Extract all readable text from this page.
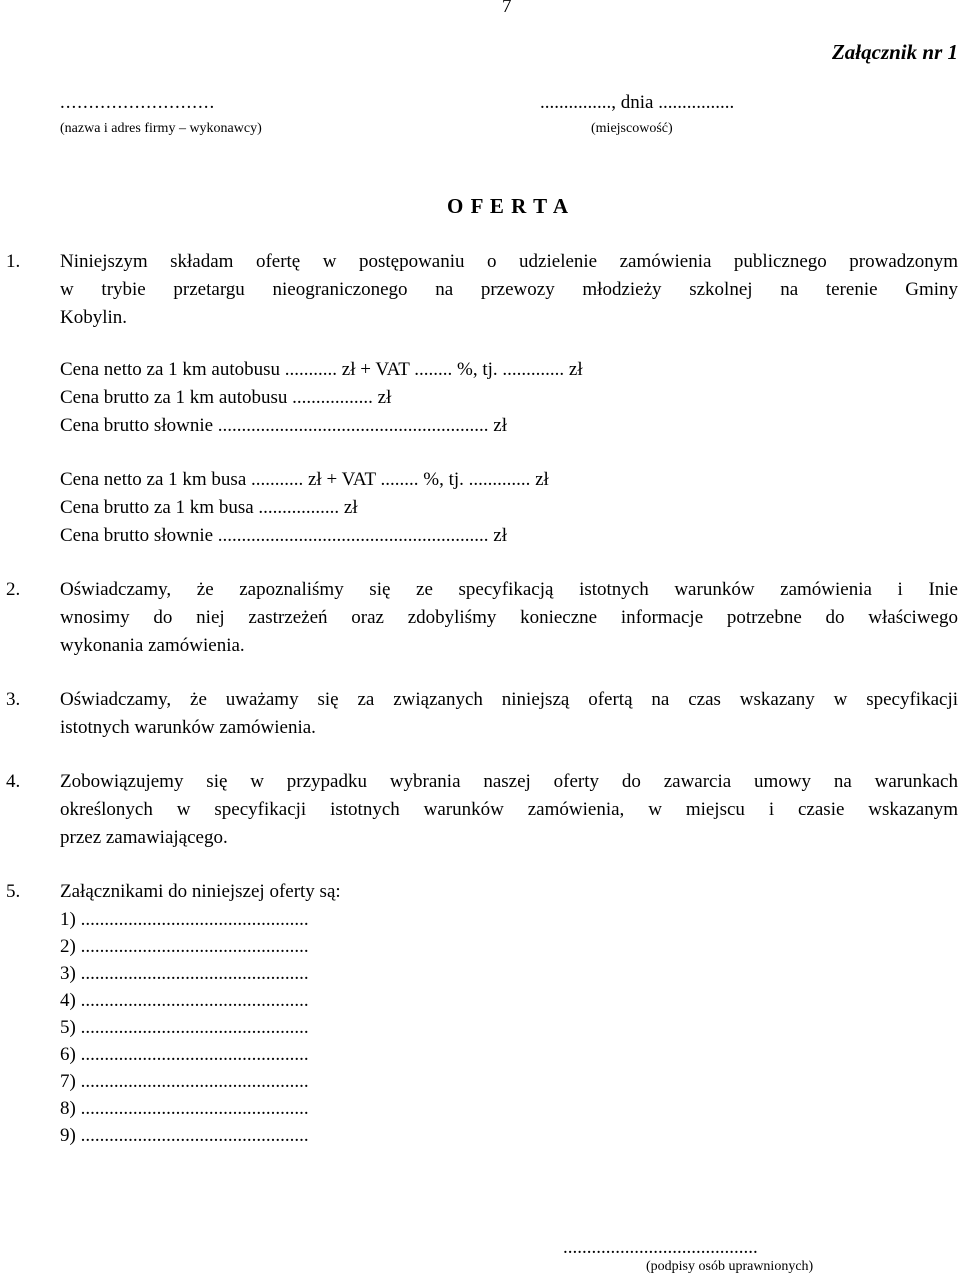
7
Załącznik nr 1
...........................
(nazwa i adres firmy – wykonawcy)
..............., dnia ................
(miejscowość)
O F E R T A
1. Niniejszym składam ofertę w postępowaniu o udzielenie zamówienia publicznego prowadzonym
w trybie przetargu nieograniczonego na przewozy młodzieży szkolnej na terenie Gminy
Kobylin.
Cena netto za 1 km autobusu ........... zł + VAT ........ %, tj. ............. zł
Cena brutto za 1 km autobusu ................. zł
Cena brutto słownie ......................................................... zł
Cena netto za 1 km busa ........... zł + VAT ........ %, tj. ............. zł
Cena brutto za 1 km busa ................. zł
Cena brutto słownie ......................................................... zł
2. Oświadczamy, że zapoznaliśmy się ze specyfikacją istotnych warunków zamówienia i Inie
wnosimy do niej zastrzeżeń oraz zdobyliśmy konieczne informacje potrzebne do właściwego
wykonania zamówienia.
3. Oświadczamy, że uważamy się za związanych niniejszą ofertą na czas wskazany w specyfikacji
istotnych warunków zamówienia.
4. Zobowiązujemy się w przypadku wybrania naszej oferty do zawarcia umowy na warunkach
określonych w specyfikacji istotnych warunków zamówienia, w miejscu i czasie wskazanym
przez zamawiającego.
5. Załącznikami do niniejszej oferty są:
1) ................................................
2) ................................................
3) ................................................
4) ................................................
5) ................................................
6) ................................................
7) ................................................
8) ................................................
9) ................................................
.........................................
(podpisy osób uprawnionych)
